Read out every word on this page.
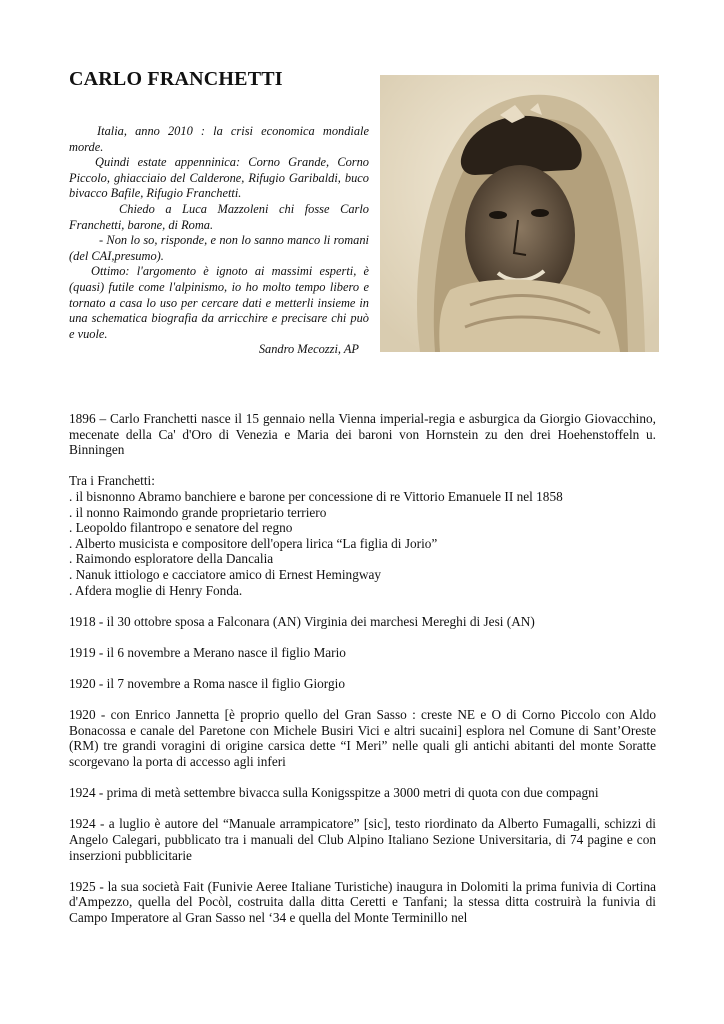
CARLO FRANCHETTI

Italia, anno 2010 : la crisi economica mondiale morde.

Quindi estate appenninica: Corno Grande, Corno Piccolo, ghiacciaio del Calderone, Rifugio Garibaldi, buco bivacco Bafile, Rifugio Franchetti.

Chiedo a Luca Mazzoleni chi fosse Carlo Franchetti, barone, di Roma.

- Non lo so, risponde, e non lo sanno manco li romani (del CAI,presumo).

Ottimo: l'argomento è ignoto ai massimi esperti, è (quasi) futile come l'alpinismo, io ho molto tempo libero e tornato a casa lo uso per cercare dati e metterli insieme in una schematica biografia da arricchire e precisare chi può e vuole.

Sandro Mecozzi, AP

1896 – Carlo Franchetti nasce il 15 gennaio nella Vienna imperial-regia e asburgica da Giorgio Giovacchino, mecenate della Ca' d'Oro di Venezia e Maria dei baroni von Hornstein zu den drei Hoehenstoffeln u. Binningen

Tra i Franchetti:
. il bisnonno Abramo banchiere e barone per concessione di re Vittorio Emanuele II nel 1858
. il nonno Raimondo grande proprietario terriero
. Leopoldo filantropo e senatore del regno
. Alberto musicista e compositore dell'opera lirica “La figlia di Jorio”
. Raimondo esploratore della Dancalia
. Nanuk ittiologo e cacciatore amico di Ernest Hemingway
. Afdera moglie di Henry Fonda.

1918 - il 30 ottobre sposa a Falconara (AN) Virginia dei marchesi Mereghi di Jesi (AN)

1919 - il 6 novembre a Merano nasce il figlio Mario

1920 - il 7 novembre a Roma nasce il figlio Giorgio

1920 - con Enrico Jannetta [è proprio quello del Gran Sasso : creste NE e O di Corno Piccolo con Aldo Bonacossa e canale del Paretone con Michele Busiri Vici e altri sucaini] esplora nel Comune di Sant’Oreste (RM) tre grandi voragini di origine carsica dette “I Meri” nelle quali gli antichi abitanti del monte Soratte scorgevano la porta di accesso agli inferi

1924 - prima di metà settembre bivacca sulla Konigsspitze a 3000 metri di quota con due compagni

1924 - a luglio è autore del “Manuale arrampicatore” [sic], testo riordinato da Alberto Fumagalli, schizzi di Angelo Calegari, pubblicato tra i manuali del Club Alpino Italiano Sezione Universitaria, di 74 pagine e con inserzioni pubblicitarie

1925 - la sua società Fait (Funivie Aeree Italiane Turistiche) inaugura in Dolomiti la prima funivia di Cortina d'Ampezzo, quella del Pocòl, costruita dalla ditta Ceretti e Tanfani; la stessa ditta costruirà la funivia di Campo Imperatore al Gran Sasso nel ‘34 e quella del Monte Terminillo nel
